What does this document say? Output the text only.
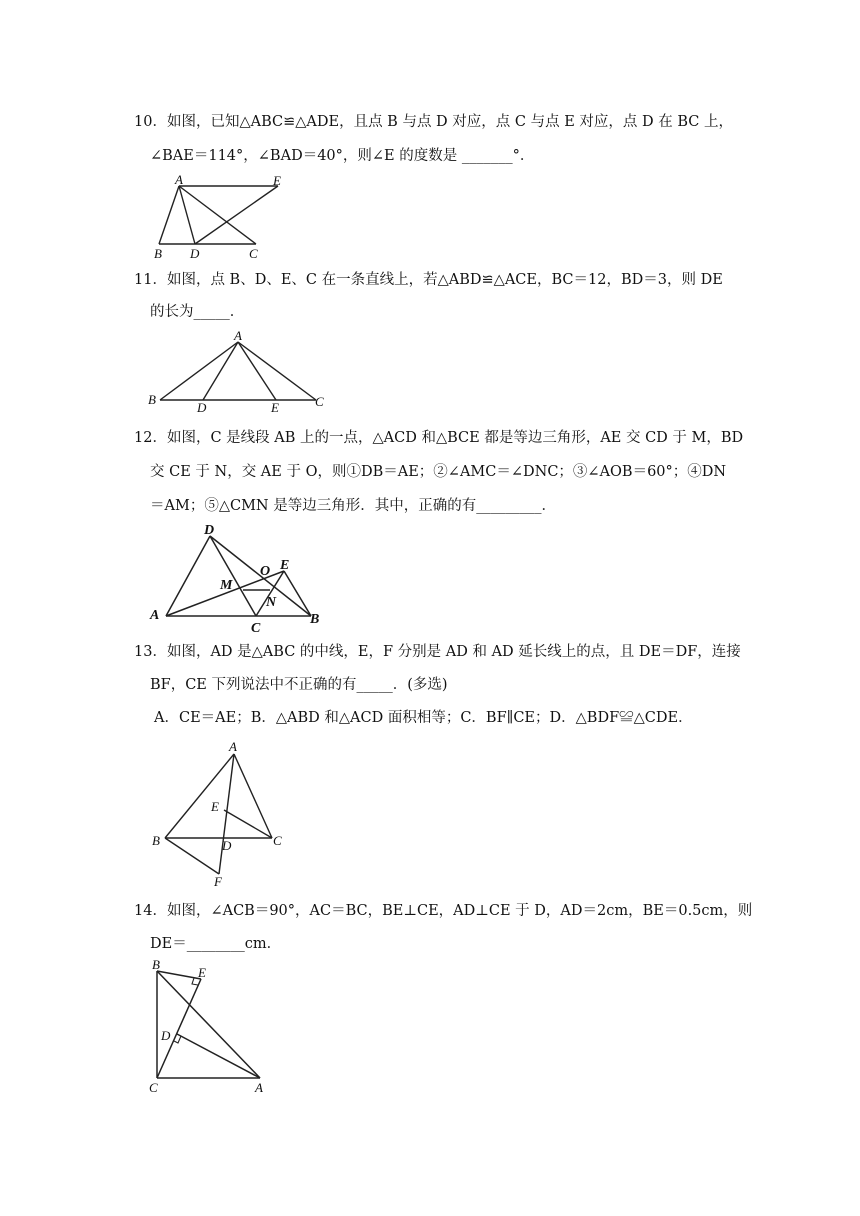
10．如图，已知△ABC≌△ADE，且点 B 与点 D 对应，点 C 与点 E 对应，点 D 在 BC 上，
∠BAE＝114°，∠BAD＝40°，则∠E 的度数是 _______°．
A	E
B D	C
11．如图，点 B、D、E、C 在一条直线上，若△ABD≌△ACE，BC＝12，BD＝3，则 DE
的长为_____．
A
B
D	E	C
12．如图，C 是线段 AB 上的一点，△ACD 和△BCE 都是等边三角形，AE 交 CD 于 M，BD
交 CE 于 N，交 AE 于 O，则①DB＝AE；②∠AMC＝∠DNC；③∠AOB＝60°；④DN
＝AM；⑤△CMN 是等边三角形．其中，正确的有_________．
D
O E
M
N
A
C
B
13．如图，AD 是△ABC 的中线，E，F 分别是 AD 和 AD 延长线上的点，且 DE＝DF，连接
BF，CE 下列说法中不正确的有_____．(多选)
A．CE＝AE；B．△ABD 和△ACD 面积相等；C．BF∥CE；D．△BDF≌△CDE．
A
E
B	C
D
F
14．如图，∠ACB＝90°，AC＝BC，BE⊥CE，AD⊥CE 于 D，AD＝2cm，BE＝0.5cm，则
DE＝________cm．
B
E
D
C	A
